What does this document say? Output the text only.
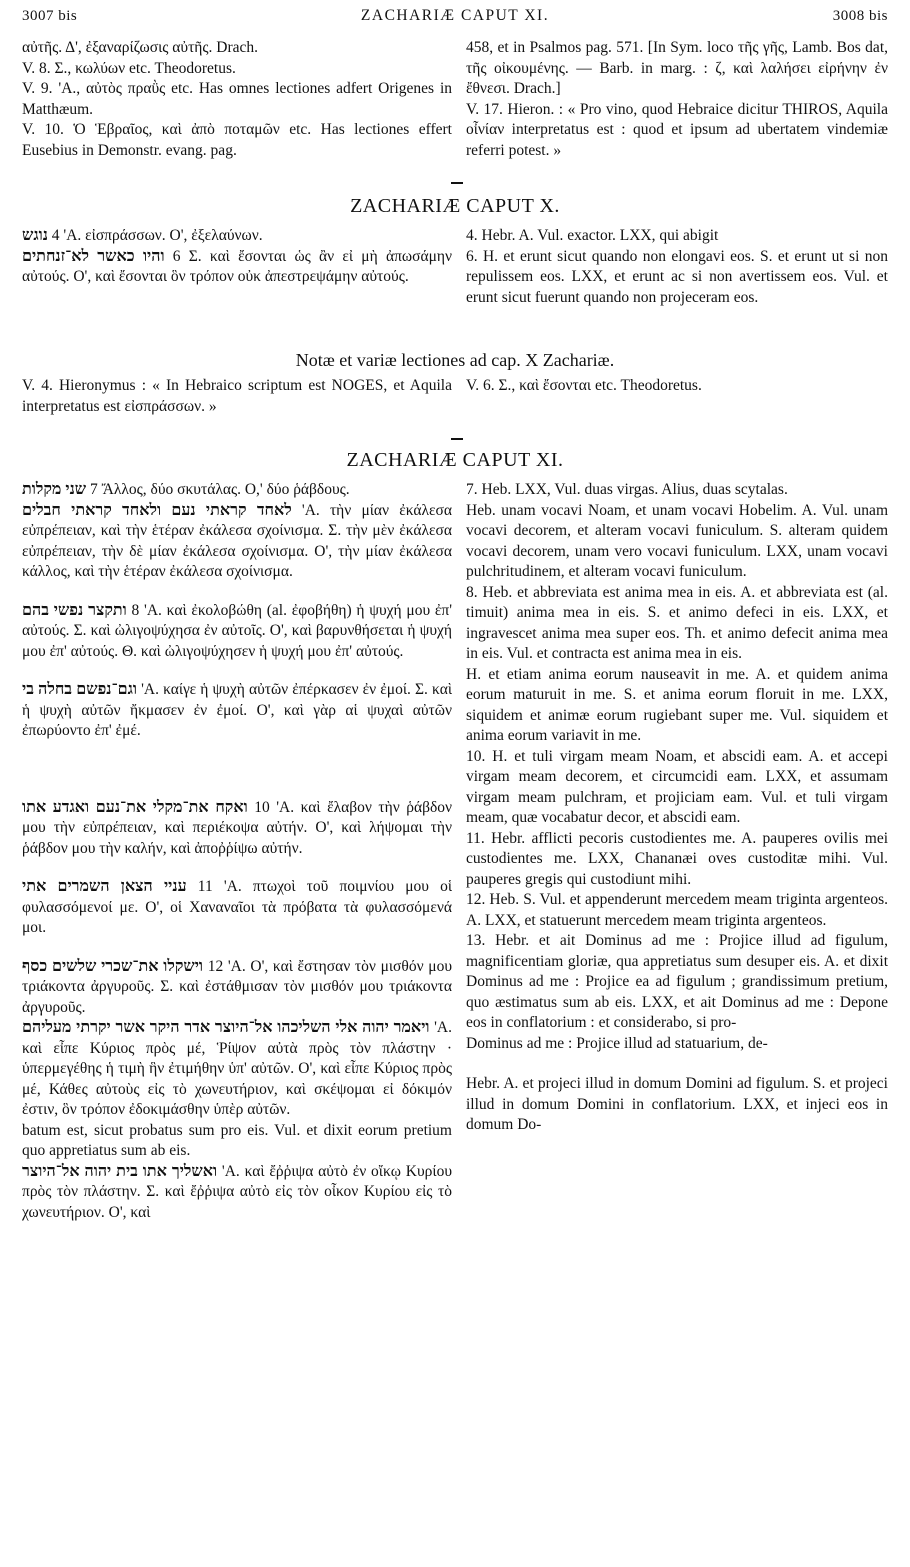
3007 bis	ZACHARIÆ CAPUT XI.	3008 bis

αὐτῆς. Δ', ἐξαναρίζωσις αὐτῆς. Drach.

V. 8. Σ., κωλύων etc. Theodoretus.

V. 9. 'Α., αὐτὸς πραῢς etc. Has omnes lectiones adfert Origenes in Matthæum.

V. 10. Ὁ Ἑβραῖος, καὶ ἀπὸ ποταμῶν etc. Has lectiones effert Eusebius in Demonstr. evang. pag.

458, et in Psalmos pag. 571. [In Sym. loco τῆς γῆς, Lamb. Bos dat, τῆς οἰκουμένης. — Barb. in marg. : ζ, καὶ λαλήσει εἰρήνην ἐν ἔθνεσι. Drach.]

V. 17. Hieron. : « Pro vino, quod Hebraice dicitur THIROS, Aquila οἶνίαν interpretatus est : quod et ipsum ad ubertatem vindemiæ referri potest. »

ZACHARIÆ CAPUT X.

נוגש 4 'Α. εἰσπράσσων. Ο', ἐξελαύνων.

והיו כאשר לא־זנחתים 6 Σ. καὶ ἔσονται ὡς ἂν εἰ μὴ ἀπωσάμην αὐτούς. Ο', καὶ ἔσονται ὃν τρόπον οὐκ ἀπεστρεψάμην αὐτούς.

4. Hebr. A. Vul. exactor. LXX, qui abigit

6. H. et erunt sicut quando non elongavi eos. S. et erunt ut si non repulissem eos. LXX, et erunt ac si non avertissem eos. Vul. et erunt sicut fuerunt quando non projeceram eos.

Notæ et variæ lectiones ad cap. X Zachariæ.

V. 4. Hieronymus : « In Hebraico scriptum est NOGES, et Aquila interpretatus est εἰσπράσσων. »

V. 6. Σ., καὶ ἔσονται etc. Theodoretus.

ZACHARIÆ CAPUT XI.

שני מקלות 7 Ἄλλος, δύο σκυτάλας. Ο,' δύο ῥάβδους.

לאחד קראתי נעם ולאחד קראתי חבלים 'Α. τὴν μίαν ἐκάλεσα εὐπρέπειαν, καὶ τὴν ἑτέραν ἐκάλεσα σχοίνισμα. Σ. τὴν μὲν ἐκάλεσα εὐπρέπειαν, τὴν δὲ μίαν ἐκάλεσα σχοίνισμα. Ο', τὴν μίαν ἐκάλεσα κάλλος, καὶ τὴν ἑτέραν ἐκάλεσα σχοίνισμα.

ותקצר נפשי בהם 8 'Α. καὶ ἐκολοβώθη (al. ἐφοβήθη) ἡ ψυχή μου ἐπ' αὐτούς. Σ. καὶ ὠλιγοψύχησα ἐν αὐτοῖς. Ο', καὶ βαρυνθήσεται ἡ ψυχή μου ἐπ' αὐτούς. Θ. καὶ ὠλιγοψύχησεν ἡ ψυχή μου ἐπ' αὐτούς.

וגם־נפשם בחלה בי 'Α. καίγε ἡ ψυχὴ αὐτῶν ἐπέρκασεν ἐν ἐμοί. Σ. καὶ ἡ ψυχὴ αὐτῶν ἤκμασεν ἐν ἐμοί. Ο', καὶ γὰρ αἱ ψυχαὶ αὐτῶν ἐπωρύοντο ἐπ' ἐμέ.

ואקח את־מקלי את־נעם ואגדע אתו 10 'Α. καὶ ἔλαβον τὴν ῥάβδον μου τὴν εὐπρέπειαν, καὶ περιέκοψα αὐτήν. Ο', καὶ λήψομαι τὴν ῥάβδον μου τὴν καλήν, καὶ ἀποῤῥίψω αὐτήν.

עניי הצאן השמרים אתי 11 'Α. πτωχοὶ τοῦ ποιμνίου μου οἱ φυλασσόμενοί με. Ο', οἱ Χαναναῖοι τὰ πρόβατα τὰ φυλασσόμενά μοι.

וישקלו את־שכרי שלשים כסף 12 'Α. Ο', καὶ ἔστησαν τὸν μισθόν μου τριάκοντα ἀργυροῦς. Σ. καὶ ἐστάθμισαν τὸν μισθόν μου τριάκοντα ἀργυροῦς.

ויאמר יהוה אלי השליכהו אל־היוצר אדר היקר אשר יקרתי מעליהם 'Α. καὶ εἶπε Κύριος πρὸς μέ, Ῥίψον αὐτὰ πρὸς τὸν πλάστην · ὑπερμεγέθης ἡ τιμὴ ἣν ἐτιμήθην ὑπ' αὐτῶν. Ο', καὶ εἶπε Κύριος πρὸς μέ, Κάθες αὐτοὺς εἰς τὸ χωνευτήριον, καὶ σκέψομαι εἰ δόκιμόν ἐστιν, ὃν τρόπον ἐδοκιμάσθην ὑπὲρ αὐτῶν.

batum est, sicut probatus sum pro eis. Vul. et dixit eorum pretium quo appretiatus sum ab eis.

ואשליך אתו בית יהוה אל־היוצר 'Α. καὶ ἔῤῥιψα αὐτὸ ἐν οἴκῳ Κυρίου πρὸς τὸν πλάστην. Σ. καὶ ἔῤῥιψα αὐτὸ εἰς τὸν οἶκον Κυρίου εἰς τὸ χωνευτήριον. Ο', καὶ

7. Heb. LXX, Vul. duas virgas. Alius, duas scytalas.

Heb. unam vocavi Noam, et unam vocavi Hobelim. A. Vul. unam vocavi decorem, et alteram vocavi funiculum. S. alteram quidem vocavi decorem, unam vero vocavi funiculum. LXX, unam vocavi pulchritudinem, et alteram vocavi funiculum.

8. Heb. et abbreviata est anima mea in eis. A. et abbreviata est (al. timuit) anima mea in eis. S. et animo defeci in eis. LXX, et ingravescet anima mea super eos. Th. et animo defecit anima mea in eis. Vul. et contracta est anima mea in eis.

H. et etiam anima eorum nauseavit in me. A. et quidem anima eorum maturuit in me. S. et anima eorum floruit in me. LXX, siquidem et animæ eorum rugiebant super me. Vul. siquidem et anima eorum variavit in me.

10. H. et tuli virgam meam Noam, et abscidi eam. A. et accepi virgam meam decorem, et circumcidi eam. LXX, et assumam virgam meam pulchram, et projiciam eam. Vul. et tuli virgam meam, quæ vocabatur decor, et abscidi eam.

11. Hebr. afflicti pecoris custodientes me. A. pauperes ovilis mei custodientes me. LXX, Chananæi oves custoditæ mihi. Vul. pauperes gregis qui custodiunt mihi.

12. Heb. S. Vul. et appenderunt mercedem meam triginta argenteos. A. LXX, et statuerunt mercedem meam triginta argenteos.

13. Hebr. et ait Dominus ad me : Projice illud ad figulum, magnificentiam gloriæ, qua appretiatus sum desuper eis. A. et dixit Dominus ad me : Projice ea ad figulum ; grandissimum pretium, quo æstimatus sum ab eis. LXX, et ait Dominus ad me : Depone eos in conflatorium : et considerabo, si pro-

Dominus ad me : Projice illud ad statuarium, de-

Hebr. A. et projeci illud in domum Domini ad figulum. S. et projeci illud in domum Domini in conflatorium. LXX, et injeci eos in domum Do-
